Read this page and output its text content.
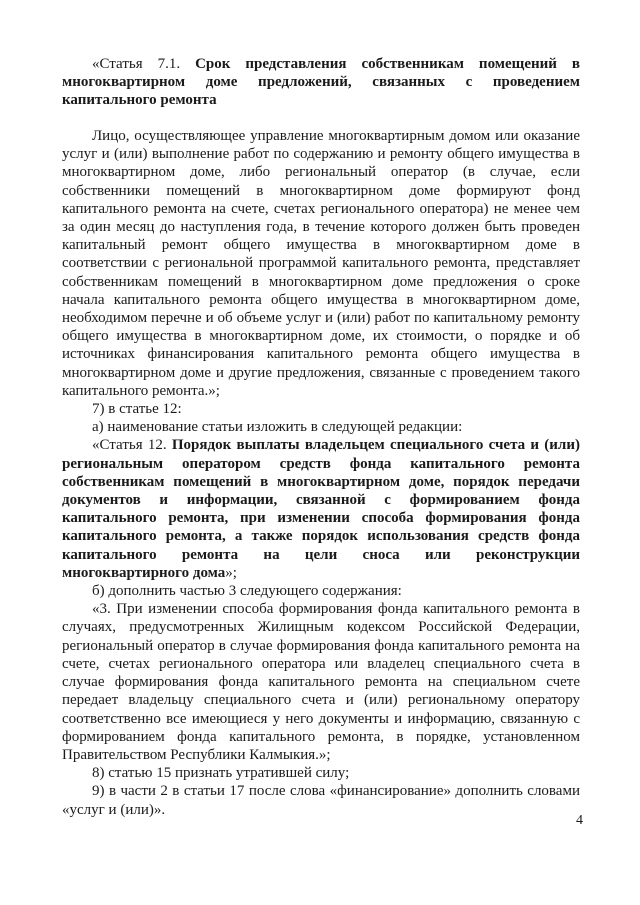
«Статья 7.1. Срок представления собственникам помещений в многоквартирном доме предложений, связанных с проведением капитального ремонта

Лицо, осуществляющее управление многоквартирным домом или оказание услуг и (или) выполнение работ по содержанию и ремонту общего имущества в многоквартирном доме, либо региональный оператор (в случае, если собственники помещений в многоквартирном доме формируют фонд капитального ремонта на счете, счетах регионального оператора) не менее чем за один месяц до наступления года, в течение которого должен быть проведен капитальный ремонт общего имущества в многоквартирном доме в соответствии с региональной программой капитального ремонта, представляет собственникам помещений в многоквартирном доме предложения о сроке начала капитального ремонта общего имущества в многоквартирном доме, необходимом перечне и об объеме услуг и (или) работ по капитальному ремонту общего имущества в многоквартирном доме, их стоимости, о порядке и об источниках финансирования капитального ремонта общего имущества в многоквартирном доме и другие предложения, связанные с проведением такого капитального ремонта.»;

7) в статье 12:

а) наименование статьи изложить в следующей редакции:

«Статья 12. Порядок выплаты владельцем специального счета и (или) региональным оператором средств фонда капитального ремонта собственникам помещений в многоквартирном доме, порядок передачи документов и информации, связанной с формированием фонда капитального ремонта, при изменении способа формирования фонда капитального ремонта, а также порядок использования средств фонда капитального ремонта на цели сноса или реконструкции многоквартирного дома»;

б) дополнить частью 3 следующего содержания:

«3. При изменении способа формирования фонда капитального ремонта в случаях, предусмотренных Жилищным кодексом Российской Федерации, региональный оператор в случае формирования фонда капитального ремонта на счете, счетах регионального оператора или владелец специального счета в случае формирования фонда капитального ремонта на специальном счете передает владельцу специального счета и (или) региональному оператору соответственно все имеющиеся у него документы и информацию, связанную с формированием фонда капитального ремонта, в порядке, установленном Правительством Республики Калмыкия.»;

8) статью 15 признать утратившей силу;

9) в части 2 в статьи 17 после слова «финансирование» дополнить словами «услуг и (или)».

4
